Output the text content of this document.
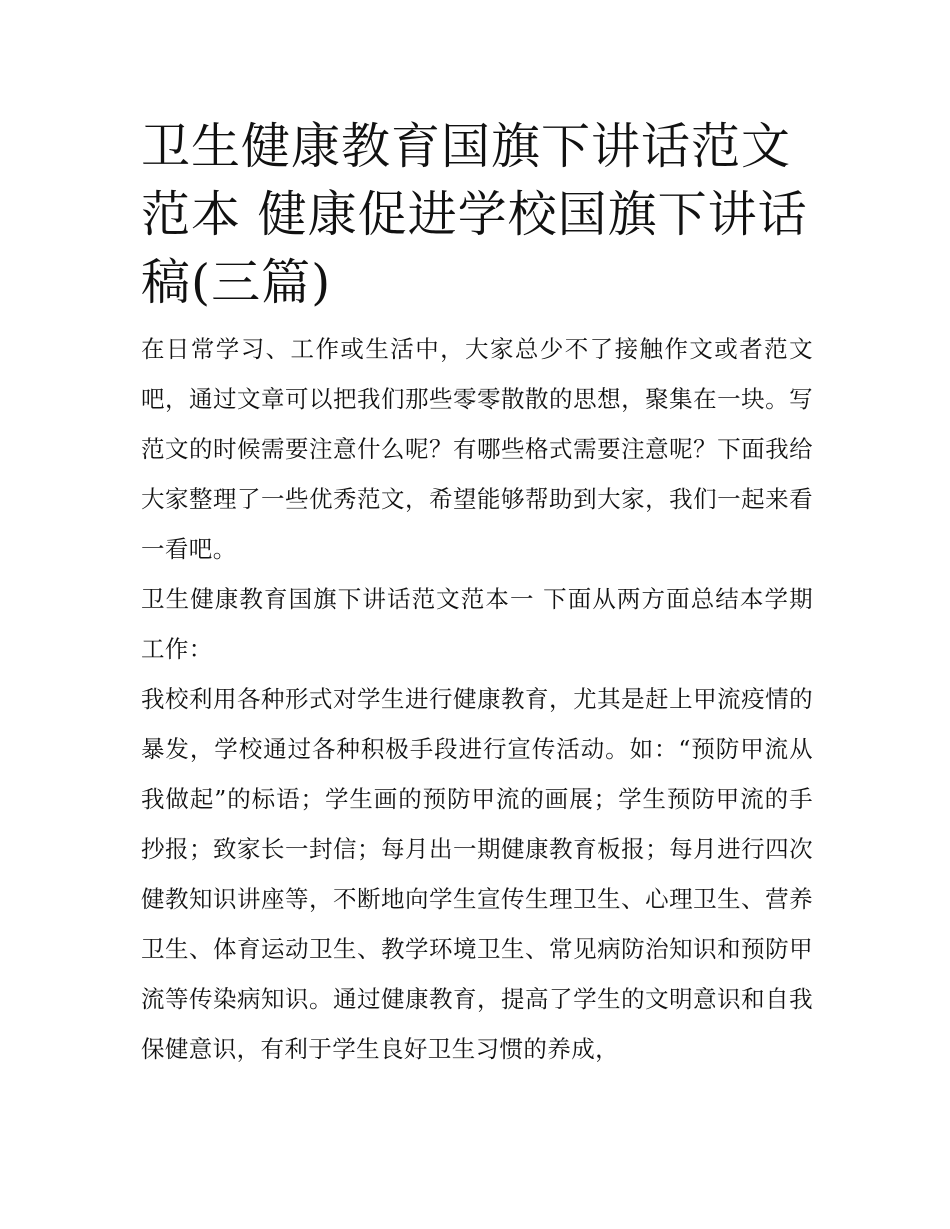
卫生健康教育国旗下讲话范文范本 健康促进学校国旗下讲话稿(三篇)

在日常学习、工作或生活中，大家总少不了接触作文或者范文吧，通过文章可以把我们那些零零散散的思想，聚集在一块。写范文的时候需要注意什么呢？有哪些格式需要注意呢？下面我给大家整理了一些优秀范文，希望能够帮助到大家，我们一起来看一看吧。

卫生健康教育国旗下讲话范文范本一 下面从两方面总结本学期工作：

我校利用各种形式对学生进行健康教育，尤其是赶上甲流疫情的暴发，学校通过各种积极手段进行宣传活动。如：“预防甲流从我做起”的标语；学生画的预防甲流的画展；学生预防甲流的手抄报；致家长一封信；每月出一期健康教育板报；每月进行四次健教知识讲座等，不断地向学生宣传生理卫生、心理卫生、营养卫生、体育运动卫生、教学环境卫生、常见病防治知识和预防甲流等传染病知识。通过健康教育，提高了学生的文明意识和自我保健意识，有利于学生良好卫生习惯的养成，
